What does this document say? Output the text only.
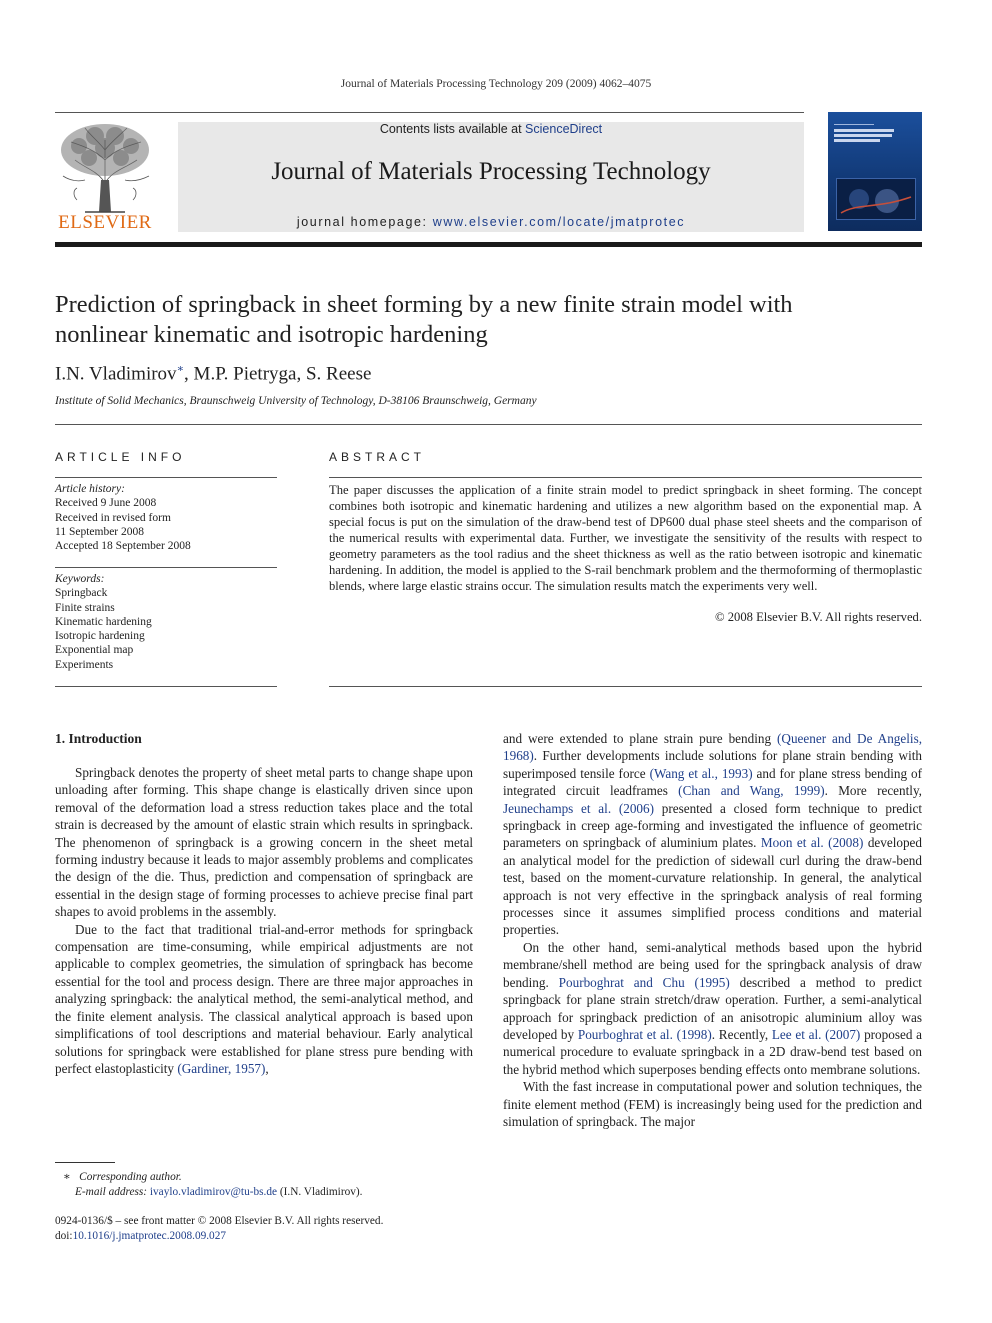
Journal of Materials Processing Technology 209 (2009) 4062–4075
ELSEVIER
Contents lists available at ScienceDirect
Journal of Materials Processing Technology
journal homepage: www.elsevier.com/locate/jmatprotec
Prediction of springback in sheet forming by a new finite strain model with
nonlinear kinematic and isotropic hardening
I.N. Vladimirov∗, M.P. Pietryga, S. Reese
Institute of Solid Mechanics, Braunschweig University of Technology, D-38106 Braunschweig, Germany
ARTICLE INFO
Article history:
Received 9 June 2008
Received in revised form
11 September 2008
Accepted 18 September 2008
Keywords:
Springback
Finite strains
Kinematic hardening
Isotropic hardening
Exponential map
Experiments
ABSTRACT
The paper discusses the application of a finite strain model to predict springback in sheet forming. The concept combines both isotropic and kinematic hardening and utilizes a new algorithm based on the exponential map. A special focus is put on the simulation of the draw-bend test of DP600 dual phase steel sheets and the comparison of the numerical results with experimental data. Further, we investigate the sensitivity of the results with respect to geometry parameters as the tool radius and the sheet thickness as well as the ratio between isotropic and kinematic hardening. In addition, the model is applied to the S-rail benchmark problem and the thermoforming of thermoplastic blends, where large elastic strains occur. The simulation results match the experiments very well.
© 2008 Elsevier B.V. All rights reserved.
1. Introduction

Springback denotes the property of sheet metal parts to change shape upon unloading after forming. This shape change is elastically driven since upon removal of the deformation load a stress reduction takes place and the total strain is decreased by the amount of elastic strain which results in springback. The phenomenon of springback is a growing concern in the sheet metal forming industry because it leads to major assembly problems and complicates the design of the die. Thus, prediction and compensation of springback are essential in the design stage of forming processes to achieve precise final part shapes to avoid problems in the assembly.

Due to the fact that traditional trial-and-error methods for springback compensation are time-consuming, while empirical adjustments are not applicable to complex geometries, the simulation of springback has become essential for the tool and process design. There are three major approaches in analyzing springback: the analytical method, the semi-analytical method, and the finite element analysis. The classical analytical approach is based upon simplifications of tool descriptions and material behaviour. Early analytical solutions for springback were established for plane stress pure bending with perfect elastoplasticity (Gardiner, 1957),

and were extended to plane strain pure bending (Queener and De Angelis, 1968). Further developments include solutions for plane strain bending with superimposed tensile force (Wang et al., 1993) and for plane stress bending of integrated circuit leadframes (Chan and Wang, 1999). More recently, Jeunechamps et al. (2006) presented a closed form technique to predict springback in creep age-forming and investigated the influence of geometric parameters on springback of aluminium plates. Moon et al. (2008) developed an analytical model for the prediction of sidewall curl during the draw-bend test, based on the moment-curvature relationship. In general, the analytical approach is not very effective in the springback analysis of real forming processes since it assumes simplified process conditions and material properties.

On the other hand, semi-analytical methods based upon the hybrid membrane/shell method are being used for the springback analysis of draw bending. Pourboghrat and Chu (1995) described a method to predict springback for plane strain stretch/draw operation. Further, a semi-analytical approach for springback prediction of an anisotropic aluminium alloy was developed by Pourboghrat et al. (1998). Recently, Lee et al. (2007) proposed a numerical procedure to evaluate springback in a 2D draw-bend test based on the hybrid method which superposes bending effects onto membrane solutions.

With the fast increase in computational power and solution techniques, the finite element method (FEM) is increasingly being used for the prediction and simulation of springback. The major

∗ Corresponding author.
E-mail address: ivaylo.vladimirov@tu-bs.de (I.N. Vladimirov).
0924-0136/$ – see front matter © 2008 Elsevier B.V. All rights reserved.
doi:10.1016/j.jmatprotec.2008.09.027
